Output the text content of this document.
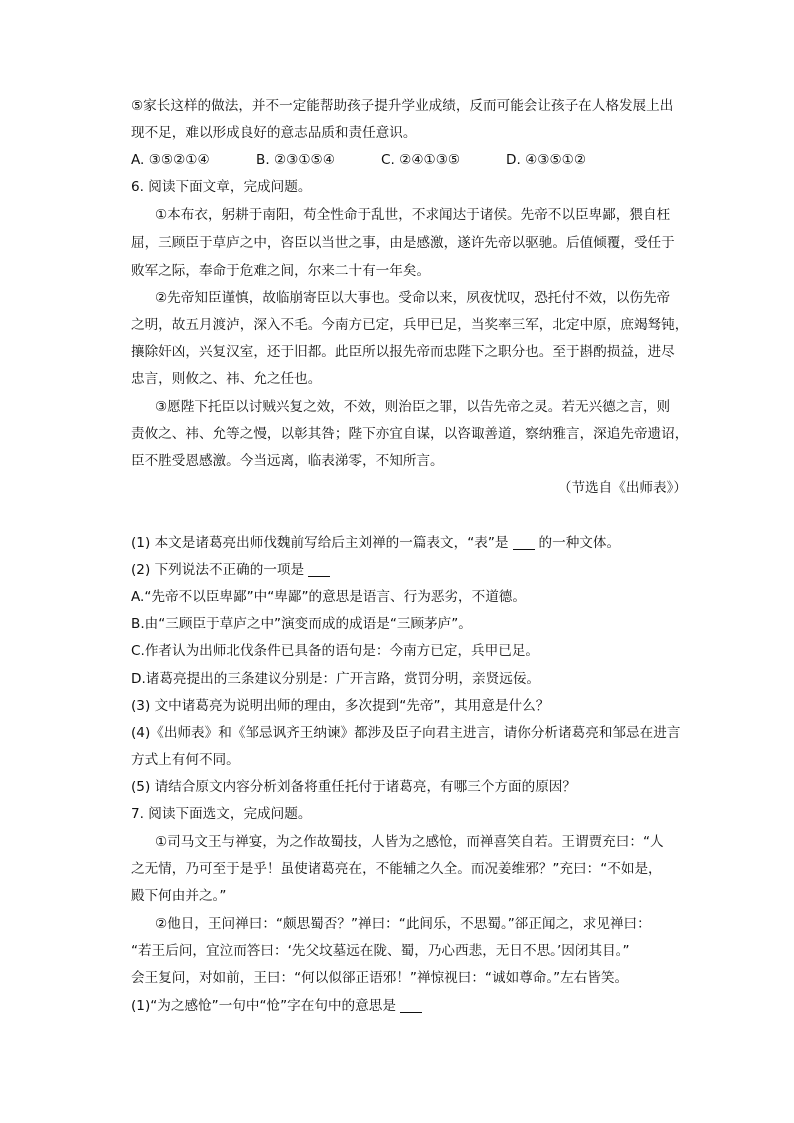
⑤家长这样的做法，并不一定能帮助孩子提升学业成绩，反而可能会让孩子在人格发展上出
现不足，难以形成良好的意志品质和责任意识。
A. ③⑤②①④	B. ②③①⑤④	C. ②④①③⑤	D. ④③⑤①②
6. 阅读下面文章，完成问题。
①本布衣，躬耕于南阳，苟全性命于乱世，不求闻达于诸侯。先帝不以臣卑鄙，猥自枉
屈，三顾臣于草庐之中，咨臣以当世之事，由是感激，遂许先帝以驱驰。后值倾覆，受任于
败军之际，奉命于危难之间，尔来二十有一年矣。
②先帝知臣谨慎，故临崩寄臣以大事也。受命以来，夙夜忧叹，恐托付不效，以伤先帝
之明，故五月渡泸，深入不毛。今南方已定，兵甲已足，当奖率三军，北定中原，庶竭驽钝，
攘除奸凶，兴复汉室，还于旧都。此臣所以报先帝而忠陛下之职分也。至于斟酌损益，进尽
忠言，则攸之、祎、允之任也。
③愿陛下托臣以讨贼兴复之效，不效，则治臣之罪，以告先帝之灵。若无兴德之言，则
责攸之、祎、允等之慢，以彰其咎；陛下亦宜自谋，以咨诹善道，察纳雅言，深追先帝遗诏，
臣不胜受恩感激。今当远离，临表涕零，不知所言。
（节选自《出师表》）
(1) 本文是诸葛亮出师伐魏前写给后主刘禅的一篇表文，“表”是 的一种文体。
(2) 下列说法不正确的一项是
A.“先帝不以臣卑鄙”中“卑鄙”的意思是语言、行为恶劣，不道德。
B.由“三顾臣于草庐之中”演变而成的成语是“三顾茅庐”。
C.作者认为出师北伐条件已具备的语句是：今南方已定，兵甲已足。
D.诸葛亮提出的三条建议分别是：广开言路，赏罚分明，亲贤远佞。
(3) 文中诸葛亮为说明出师的理由，多次提到“先帝”，其用意是什么？
(4)《出师表》和《邹忌讽齐王纳谏》都涉及臣子向君主进言，请你分析诸葛亮和邹忌在进言
方式上有何不同。
(5) 请结合原文内容分析刘备将重任托付于诸葛亮，有哪三个方面的原因？
7. 阅读下面选文，完成问题。
①司马文王与禅宴，为之作故蜀技，人皆为之感怆，而禅喜笑自若。王谓贾充曰：“人
之无情，乃可至于是乎！虽使诸葛亮在，不能辅之久全。而况姜维邪？”充曰：“不如是，
殿下何由并之。”
②他日，王问禅曰：“颇思蜀否？”禅曰：“此间乐，不思蜀。”郤正闻之，求见禅曰：
“若王后问，宜泣而答曰：‘先父坟墓远在陇、蜀，乃心西悲，无日不思。’因闭其目。”
会王复问，对如前，王曰：“何以似郤正语邪！”禅惊视曰：“诚如尊命。”左右皆笑。
(1)“为之感怆”一句中“怆”字在句中的意思是
